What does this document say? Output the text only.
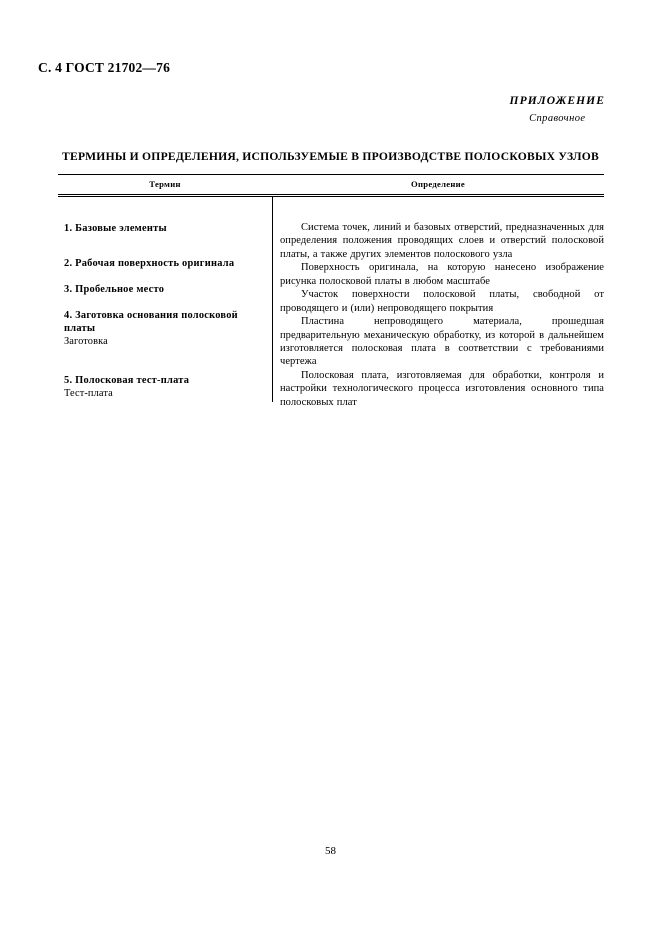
С. 4 ГОСТ 21702—76
ПРИЛОЖЕНИЕ
Справочное
ТЕРМИНЫ И ОПРЕДЕЛЕНИЯ, ИСПОЛЬЗУЕМЫЕ В ПРОИЗВОДСТВЕ ПОЛОСКОВЫХ УЗЛОВ
Термин	Определение
1. Базовые элементы
2. Рабочая поверхность оригинала
3. Пробельное место
4. Заготовка основания полосковой платы
Заготовка
5. Полосковая тест-плата
Тест-плата
Система точек, линий и базовых отверстий, предназначенных для определения положения проводящих слоев и отверстий полосковой платы, а также других элементов полоскового узла
Поверхность оригинала, на которую нанесено изображение рисунка полосковой платы в любом масштабе
Участок поверхности полосковой платы, свободной от проводящего и (или) непроводящего покрытия
Пластина непроводящего материала, прошедшая предварительную механическую обработку, из которой в дальнейшем изготовляется полосковая плата в соответствии с требованиями чертежа
Полосковая плата, изготовляемая для обработки, контроля и настройки технологического процесса изготовления основного типа полосковых плат
58
